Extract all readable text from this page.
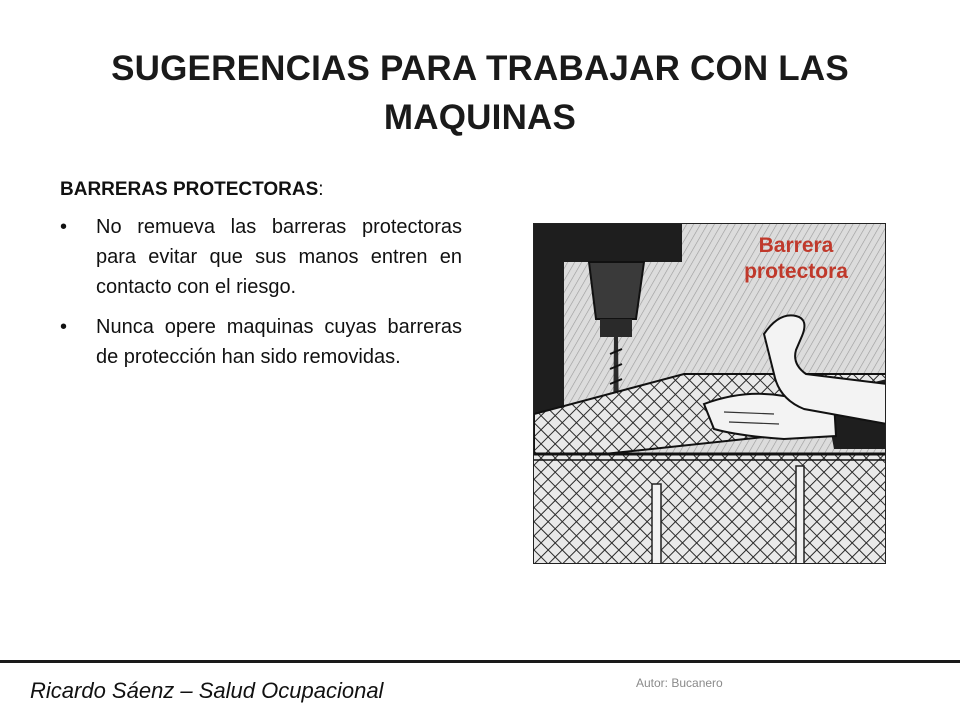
SUGERENCIAS PARA TRABAJAR CON LAS MAQUINAS
BARRERAS PROTECTORAS:
• No remueva las barreras protectoras para evitar que sus manos entren en contacto con el riesgo.
• Nunca opere maquinas cuyas barreras de protección han sido removidas.
Barrera
protectora
Ricardo Sáenz – Salud Ocupacional	Autor: Bucanero
